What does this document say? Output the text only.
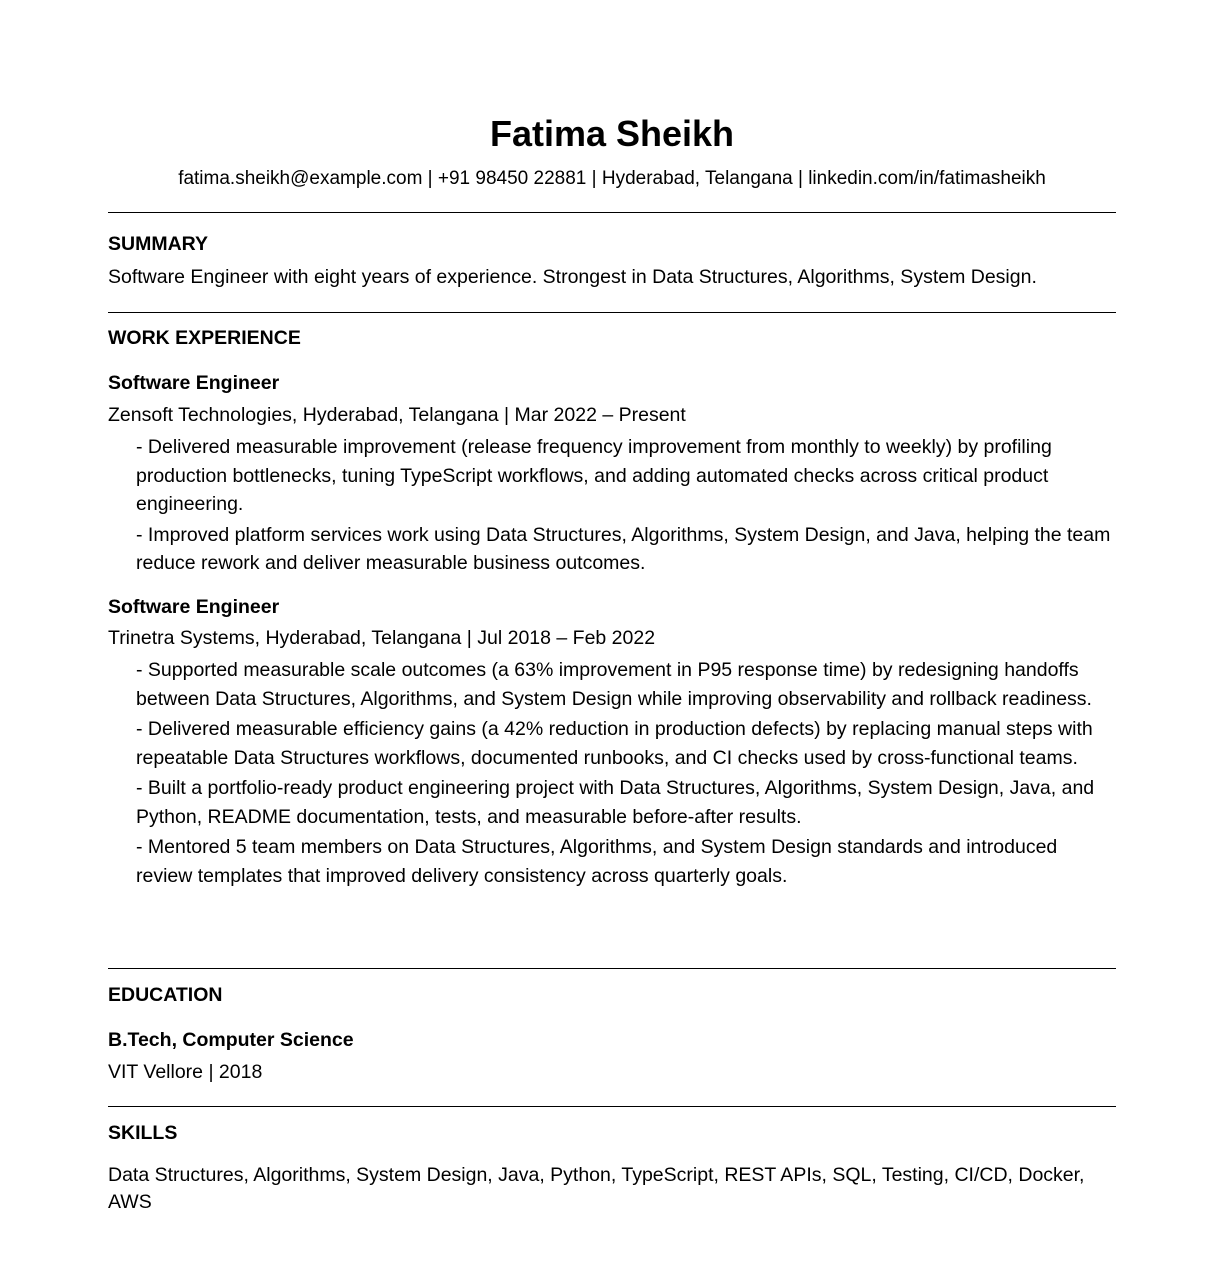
Fatima Sheikh
fatima.sheikh@example.com | +91 98450 22881 | Hyderabad, Telangana | linkedin.com/in/fatimasheikh
SUMMARY
Software Engineer with eight years of experience. Strongest in Data Structures, Algorithms, System Design.
WORK EXPERIENCE
Software Engineer
Zensoft Technologies, Hyderabad, Telangana | Mar 2022 – Present
- Delivered measurable improvement (release frequency improvement from monthly to weekly) by profiling production bottlenecks, tuning TypeScript workflows, and adding automated checks across critical product engineering.
- Improved platform services work using Data Structures, Algorithms, System Design, and Java, helping the team reduce rework and deliver measurable business outcomes.
Software Engineer
Trinetra Systems, Hyderabad, Telangana | Jul 2018 – Feb 2022
- Supported measurable scale outcomes (a 63% improvement in P95 response time) by redesigning handoffs between Data Structures, Algorithms, and System Design while improving observability and rollback readiness.
- Delivered measurable efficiency gains (a 42% reduction in production defects) by replacing manual steps with repeatable Data Structures workflows, documented runbooks, and CI checks used by cross-functional teams.
- Built a portfolio-ready product engineering project with Data Structures, Algorithms, System Design, Java, and Python, README documentation, tests, and measurable before-after results.
- Mentored 5 team members on Data Structures, Algorithms, and System Design standards and introduced review templates that improved delivery consistency across quarterly goals.
EDUCATION
B.Tech, Computer Science
VIT Vellore | 2018
SKILLS
Data Structures, Algorithms, System Design, Java, Python, TypeScript, REST APIs, SQL, Testing, CI/CD, Docker, AWS
